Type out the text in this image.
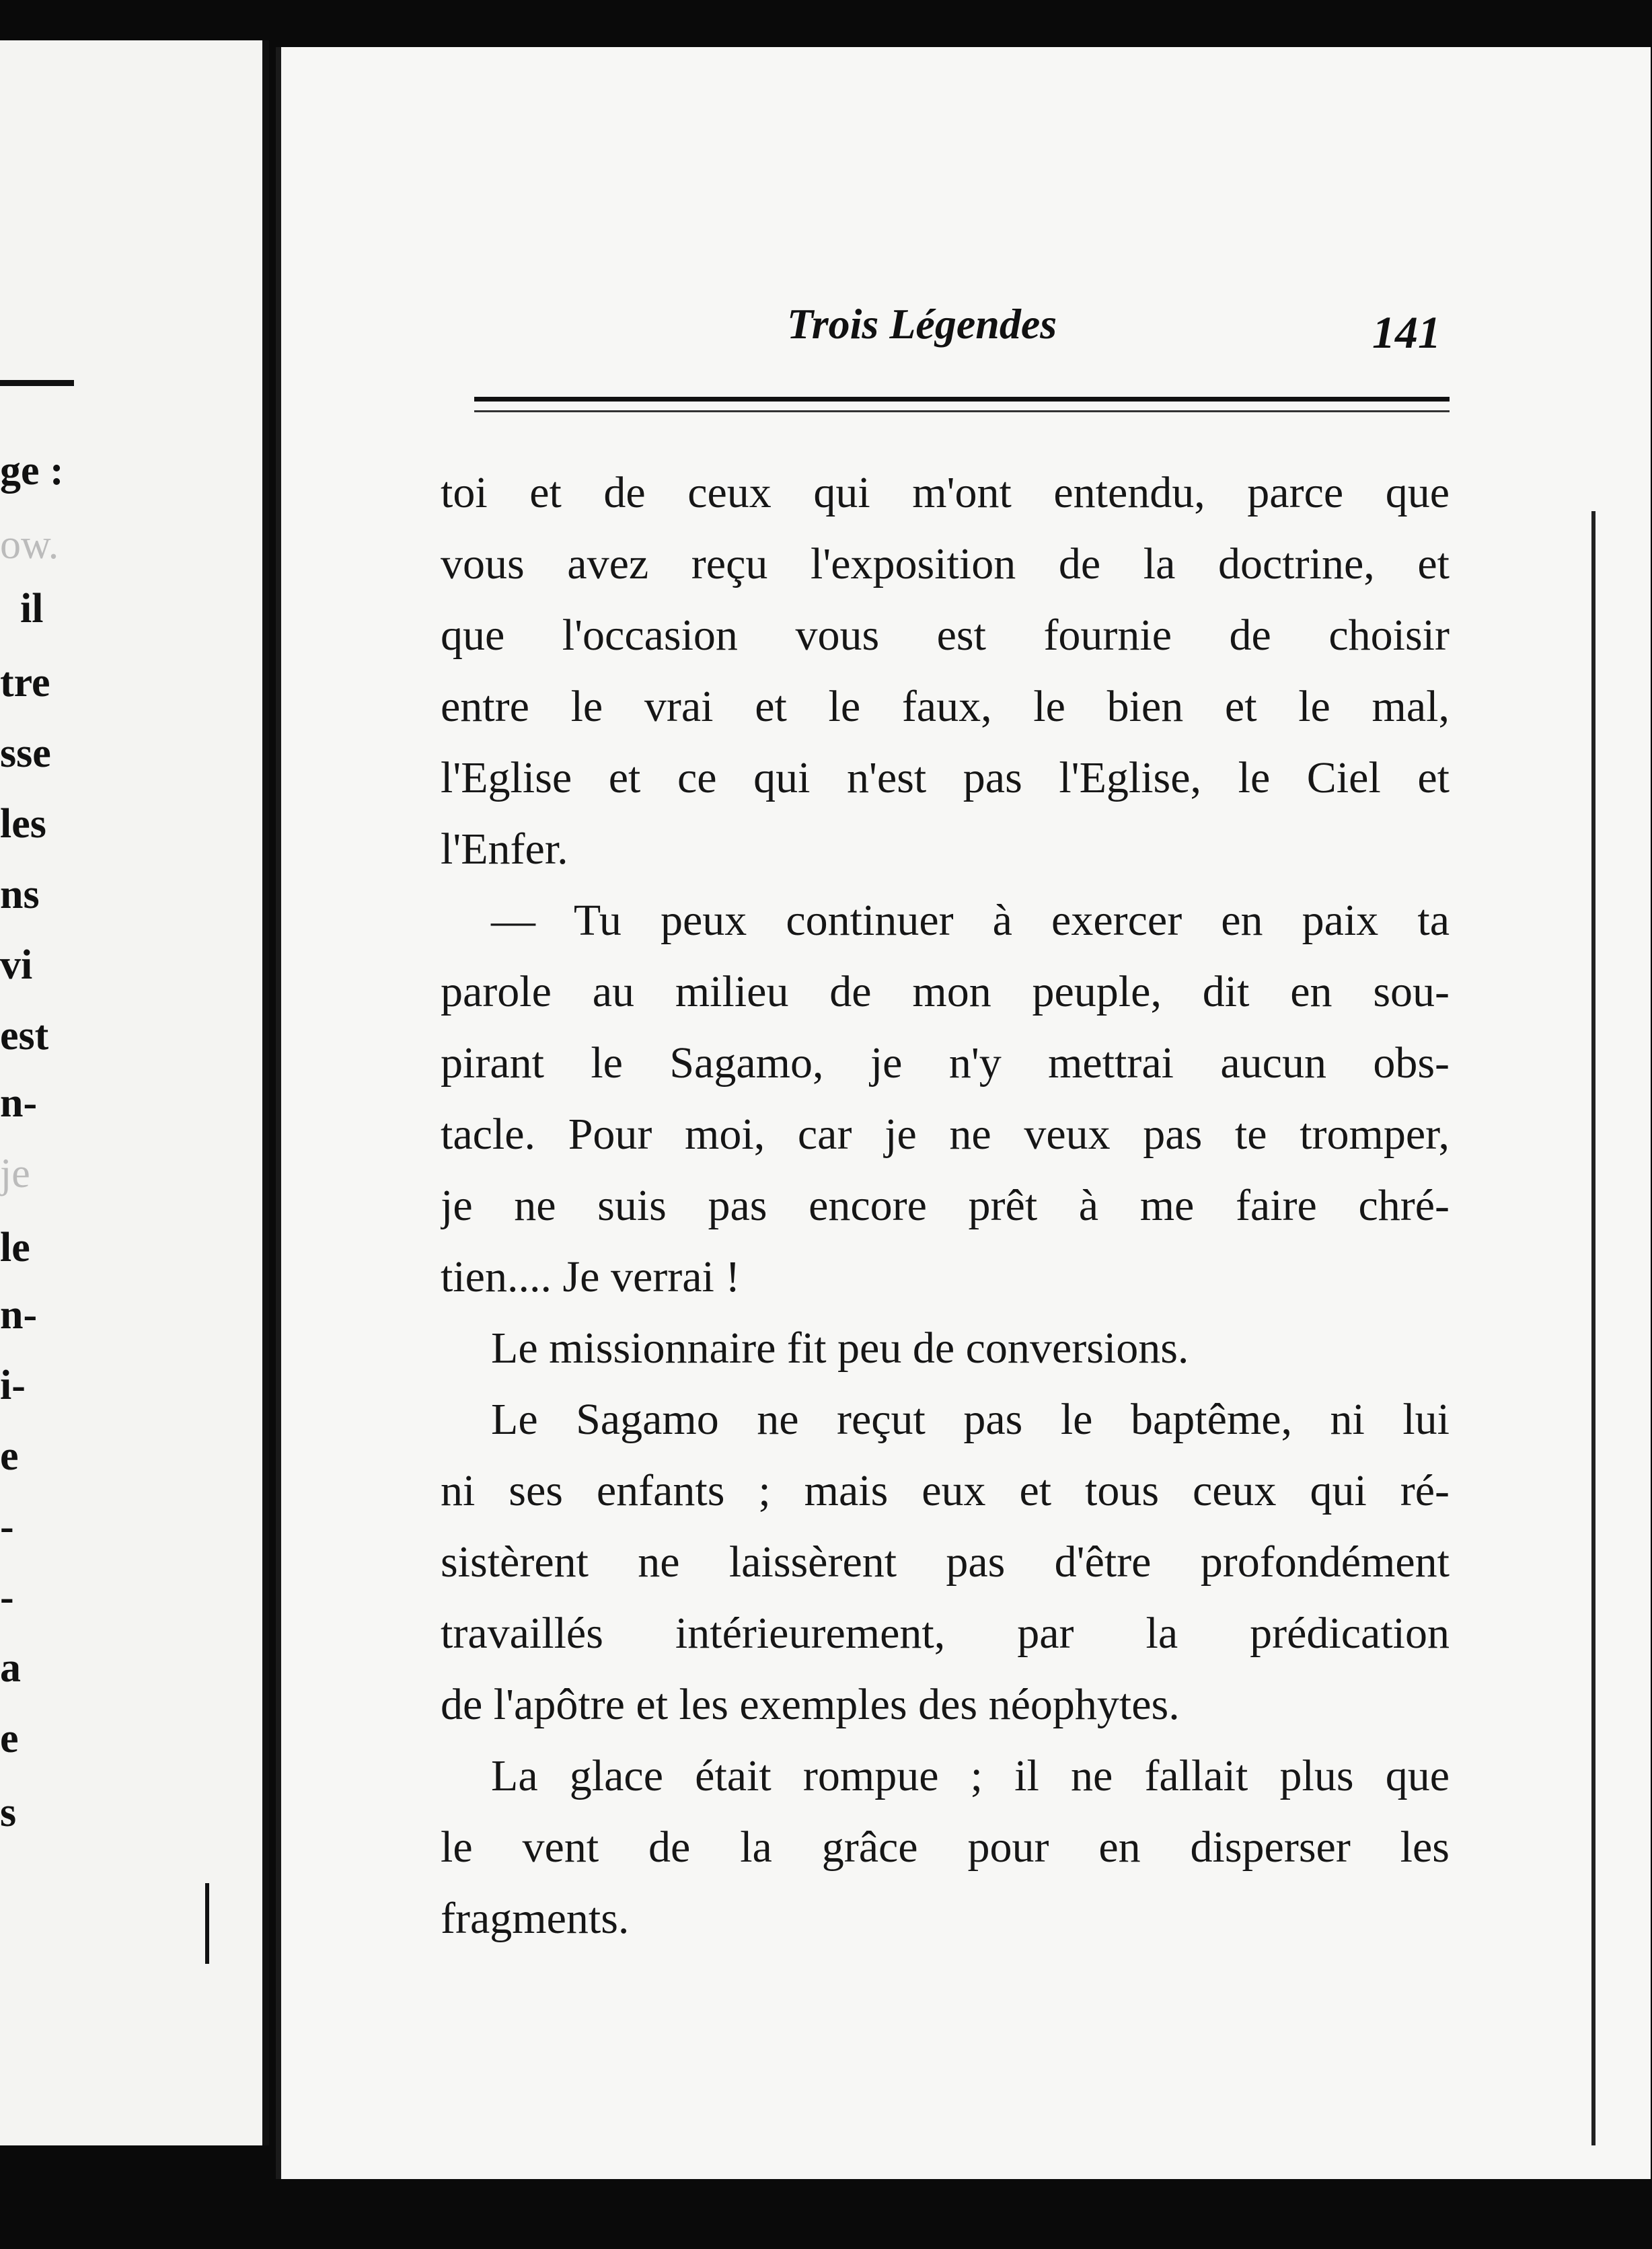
ge :
ow.
il
tre
sse
les
ns
vi
est
n-
je
le
n-
i-
e
-
-
a
e
s
Trois Légendes	141
toi et de ceux qui m'ont entendu, parce que
vous avez reçu l'exposition de la doctrine, et
que l'occasion vous est fournie de choisir
entre le vrai et le faux, le bien et le mal,
l'Eglise et ce qui n'est pas l'Eglise, le Ciel et
l'Enfer.
— Tu peux continuer à exercer en paix ta
parole au milieu de mon peuple, dit en sou-
pirant le Sagamo, je n'y mettrai aucun obs-
tacle. Pour moi, car je ne veux pas te tromper,
je ne suis pas encore prêt à me faire chré-
tien.... Je verrai !
Le missionnaire fit peu de conversions.
Le Sagamo ne reçut pas le baptême, ni lui
ni ses enfants ; mais eux et tous ceux qui ré-
sistèrent ne laissèrent pas d'être profondément
travaillés intérieurement, par la prédication
de l'apôtre et les exemples des néophytes.
La glace était rompue ; il ne fallait plus que
le vent de la grâce pour en disperser les
fragments.
